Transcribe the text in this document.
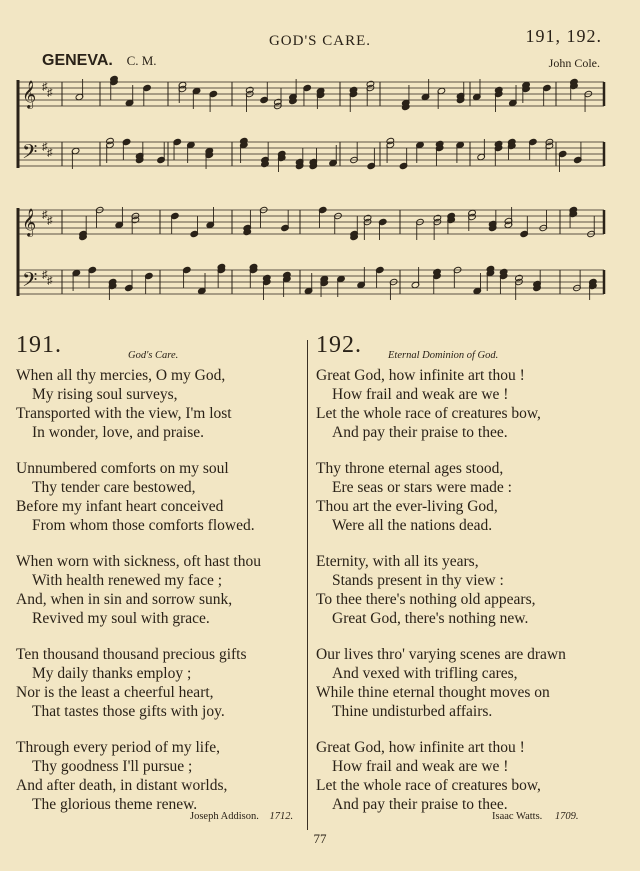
GOD'S CARE.	191, 192.
GENEVA. C. M.	John Cole.
𝄞 ♯ ♯
𝄢 ♯ ♯
𝄞 ♯ ♯
𝄢 ♯ ♯
191.	God's Care.
When all thy mercies, O my God,
My rising soul surveys,
Transported with the view, I'm lost
In wonder, love, and praise.
Unnumbered comforts on my soul
Thy tender care bestowed,
Before my infant heart conceived
From whom those comforts flowed.
When worn with sickness, oft hast thou
With health renewed my face ;
And, when in sin and sorrow sunk,
Revived my soul with grace.
Ten thousand thousand precious gifts
My daily thanks employ ;
Nor is the least a cheerful heart,
That tastes those gifts with joy.
Through every period of my life,
Thy goodness I'll pursue ;
And after death, in distant worlds,
The glorious theme renew.
192. Eternal Dominion of God.
Great God, how infinite art thou !
How frail and weak are we !
Let the whole race of creatures bow,
And pay their praise to thee.
Thy throne eternal ages stood,
Ere seas or stars were made :
Thou art the ever-living God,
Were all the nations dead.
Eternity, with all its years,
Stands present in thy view :
To thee there's nothing old appears,
Great God, there's nothing new.
Our lives thro' varying scenes are drawn
And vexed with trifling cares,
While thine eternal thought moves on
Thine undisturbed affairs.
Great God, how infinite art thou !
How frail and weak are we !
Let the whole race of creatures bow,
And pay their praise to thee.
Joseph Addison. 1712.	Isaac Watts. 1709.
77
